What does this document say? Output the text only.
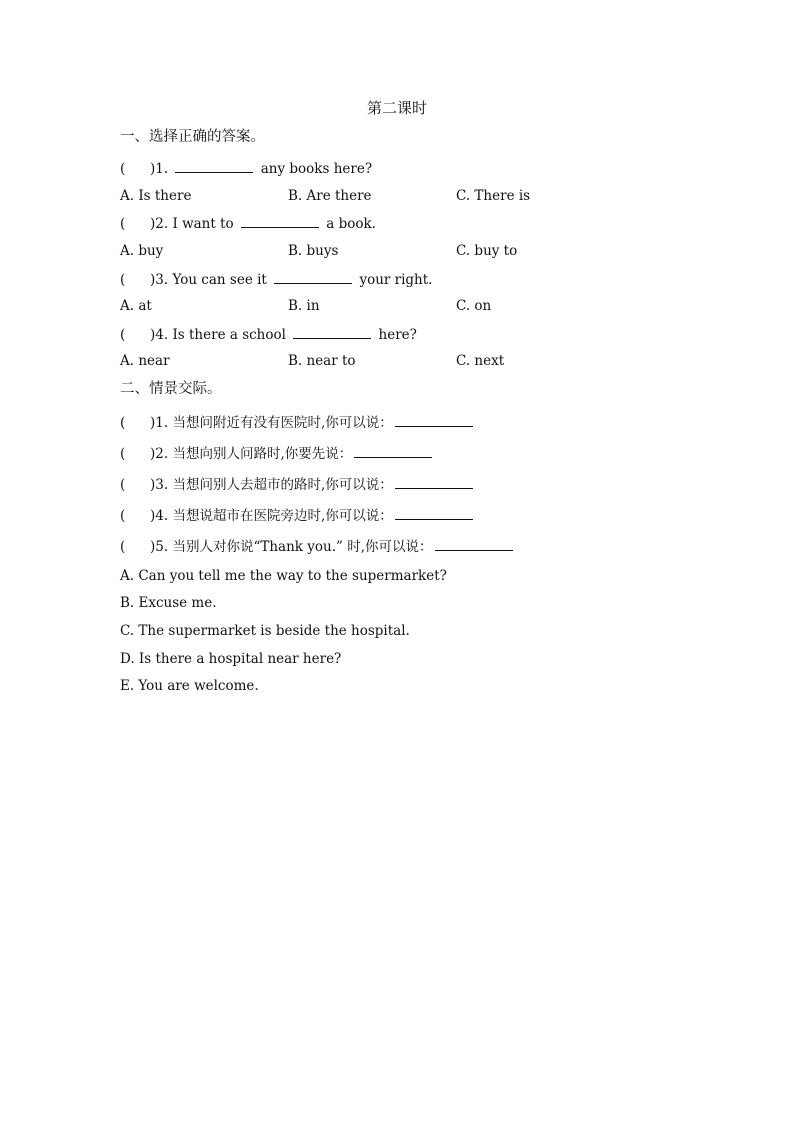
第二课时
一、选择正确的答案。
( )1.	any books here?
A. Is there	B. Are there	C. There is
( )2. I want to	a book.
A. buy	B. buys	C. buy to
( )3. You can see it	your right.
A. at	B. in	C. on
( )4. Is there a school	here?
A. near	B. near to	C. next
二、情景交际。
( )1. 当想问附近有没有医院时,你可以说：
( )2. 当想向别人问路时,你要先说：
( )3. 当想问别人去超市的路时,你可以说：
( )4. 当想说超市在医院旁边时,你可以说：
( )5. 当别人对你说“Thank you.” 时,你可以说：
A. Can you tell me the way to the supermarket?
B. Excuse me.
C. The supermarket is beside the hospital.
D. Is there a hospital near here?
E. You are welcome.
